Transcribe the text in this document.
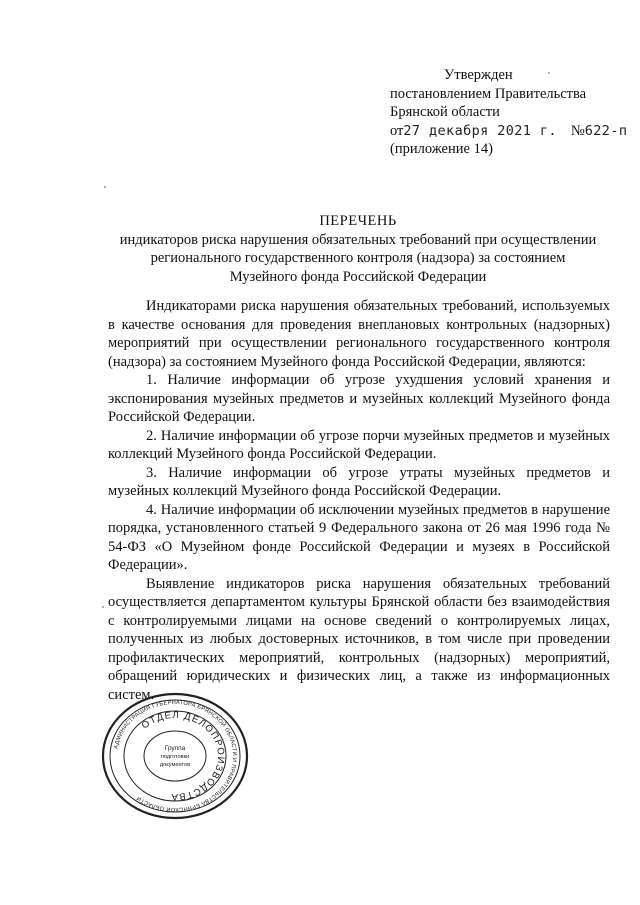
Утвержден
постановлением Правительства
Брянской области
от27 декабря 2021 г. №622-п
(приложение 14)
ПЕРЕЧЕНЬ
индикаторов риска нарушения обязательных требований при осуществлении
регионального государственного контроля (надзора) за состоянием
Музейного фонда Российской Федерации

Индикаторами риска нарушения обязательных требований, используемых в качестве основания для проведения внеплановых контрольных (надзорных) мероприятий при осуществлении регионального государственного контроля (надзора) за состоянием Музейного фонда Российской Федерации, являются:

1. Наличие информации об угрозе ухудшения условий хранения и экспонирования музейных предметов и музейных коллекций Музейного фонда Российской Федерации.

2. Наличие информации об угрозе порчи музейных предметов и музейных коллекций Музейного фонда Российской Федерации.

3. Наличие информации об угрозе утраты музейных предметов и музейных коллекций Музейного фонда Российской Федерации.

4. Наличие информации об исключении музейных предметов в нарушение порядка, установленного статьей 9 Федерального закона от 26 мая 1996 года № 54-ФЗ «О Музейном фонде Российской Федерации и музеях в Российской Федерации».

Выявление индикаторов риска нарушения обязательных требований осуществляется департаментом культуры Брянской области без взаимодействия с контролируемыми лицами на основе сведений о контролируемых лицах, полученных из любых достоверных источников, в том числе при проведении профилактических мероприятий, контрольных (надзорных) мероприятий, обращений юридических и физических лиц, а также из информационных систем.

АДМИНИСТРАЦИЯ ГУБЕРНАТОРА БРЯНСКОЙ ОБЛАСТИ И ПРАВИТЕЛЬСТВА БРЯНСКОЙ ОБЛАСТИ
ОТДЕЛ ДЕЛОПРОИЗВОДСТВА
Группа
подготовки
документов
